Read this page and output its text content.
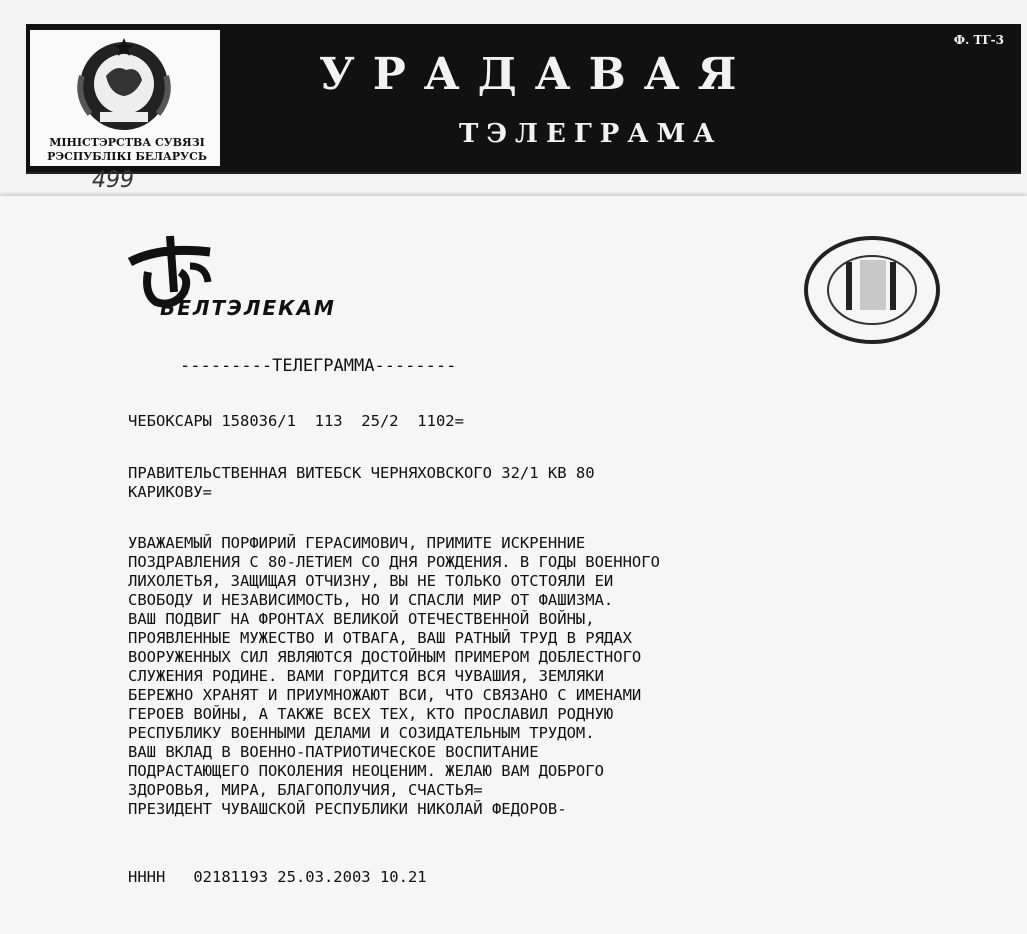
Ф. ТГ-3
УРАДАВАЯ
ТЭЛЕГРАМА
МІНІСТЭРСТВА СУВЯЗІ
РЭСПУБЛІКІ БЕЛАРУСЬ
499
БЕЛТЭЛЕКАМ
---------ТЕЛЕГРАММА--------
ЧЕБОКСАРЫ 158036/1  113  25/2  1102=
ПРАВИТЕЛЬСТВЕННАЯ ВИТЕБСК ЧЕРНЯХОВСКОГО 32/1 КВ 80
КАРИКОВУ=
УВАЖАЕМЫЙ ПОРФИРИЙ ГЕРАСИМОВИЧ, ПРИМИТЕ ИСКРЕННИЕ
ПОЗДРАВЛЕНИЯ С 80-ЛЕТИЕМ СО ДНЯ РОЖДЕНИЯ. В ГОДЫ ВОЕННОГО
ЛИХОЛЕТЬЯ, ЗАЩИЩАЯ ОТЧИЗНУ, ВЫ НЕ ТОЛЬКО ОТСТОЯЛИ ЕИ
СВОБОДУ И НЕЗАВИСИМОСТЬ, НО И СПАСЛИ МИР ОТ ФАШИЗМА.
ВАШ ПОДВИГ НА ФРОНТАХ ВЕЛИКОЙ ОТЕЧЕСТВЕННОЙ ВОЙНЫ,
ПРОЯВЛЕННЫЕ МУЖЕСТВО И ОТВАГА, ВАШ РАТНЫЙ ТРУД В РЯДАХ
ВООРУЖЕННЫХ СИЛ ЯВЛЯЮТСЯ ДОСТОЙНЫМ ПРИМЕРОМ ДОБЛЕСТНОГО
СЛУЖЕНИЯ РОДИНЕ. ВАМИ ГОРДИТСЯ ВСЯ ЧУВАШИЯ, ЗЕМЛЯКИ
БЕРЕЖНО ХРАНЯТ И ПРИУМНОЖАЮТ ВСИ, ЧТО СВЯЗАНО С ИМЕНАМИ
ГЕРОЕВ ВОЙНЫ, А ТАКЖЕ ВСЕХ ТЕХ, КТО ПРОСЛАВИЛ РОДНУЮ
РЕСПУБЛИКУ ВОЕННЫМИ ДЕЛАМИ И СОЗИДАТЕЛЬНЫМ ТРУДОМ.
ВАШ ВКЛАД В ВОЕННО-ПАТРИОТИЧЕСКОЕ ВОСПИТАНИЕ
ПОДРАСТАЮЩЕГО ПОКОЛЕНИЯ НЕОЦЕНИМ. ЖЕЛАЮ ВАМ ДОБРОГО
ЗДОРОВЬЯ, МИРА, БЛАГОПОЛУЧИЯ, СЧАСТЬЯ=
ПРЕЗИДЕНТ ЧУВАШСКОЙ РЕСПУБЛИКИ НИКОЛАЙ ФЕДОРОВ-
НННН   02181193 25.03.2003 10.21
